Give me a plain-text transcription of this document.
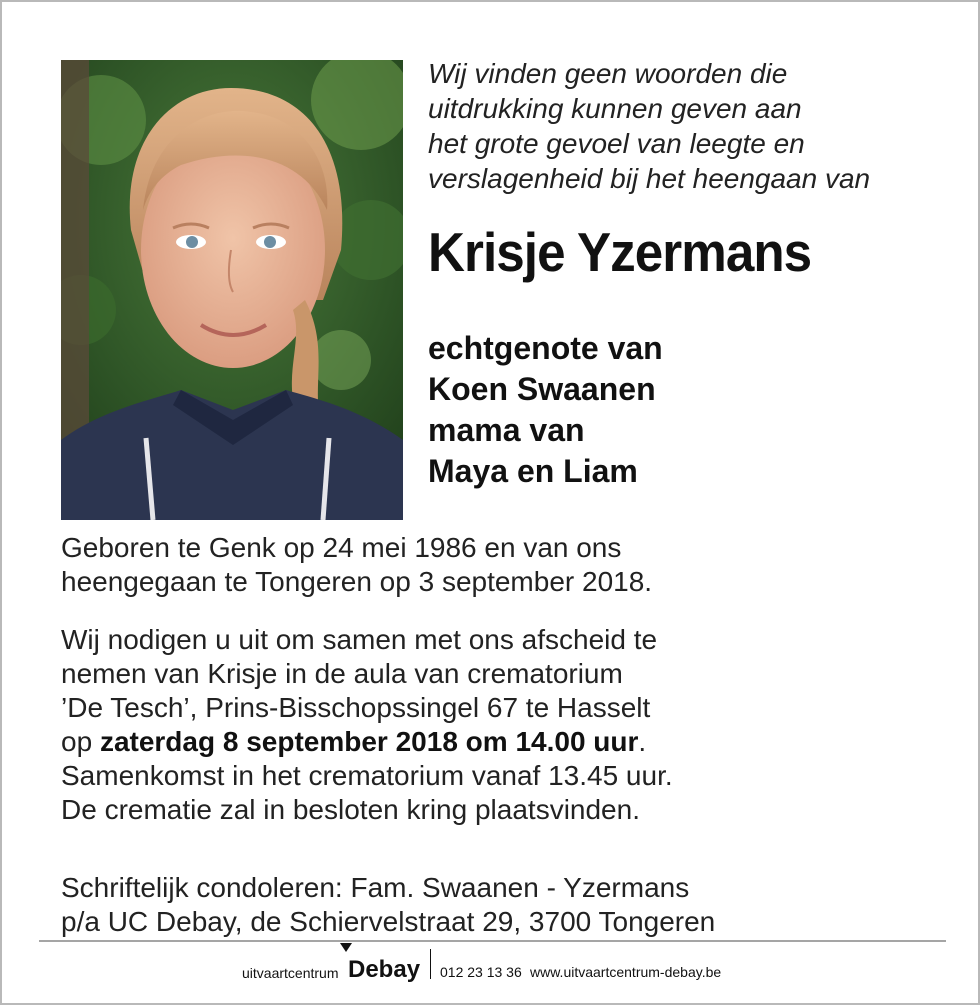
Wij vinden geen woorden die
uitdrukking kunnen geven aan
het grote gevoel van leegte en
verslagenheid bij het heengaan van
Krisje Yzermans
echtgenote van
Koen Swaanen
mama van
Maya en Liam
Geboren te Genk op 24 mei 1986 en van ons
heengegaan te Tongeren op 3 september 2018.
Wij nodigen u uit om samen met ons afscheid te
nemen van Krisje in de aula van crematorium
’De Tesch’, Prins-Bisschopssingel 67 te Hasselt
op zaterdag 8 september 2018 om 14.00 uur.
Samenkomst in het crematorium vanaf 13.45 uur.
De crematie zal in besloten kring plaatsvinden.
Schriftelijk condoleren: Fam. Swaanen - Yzermans
p/a UC Debay, de Schiervelstraat 29, 3700 Tongeren
uitvaartcentrum Debay 012 23 13 36 www.uitvaartcentrum-debay.be
